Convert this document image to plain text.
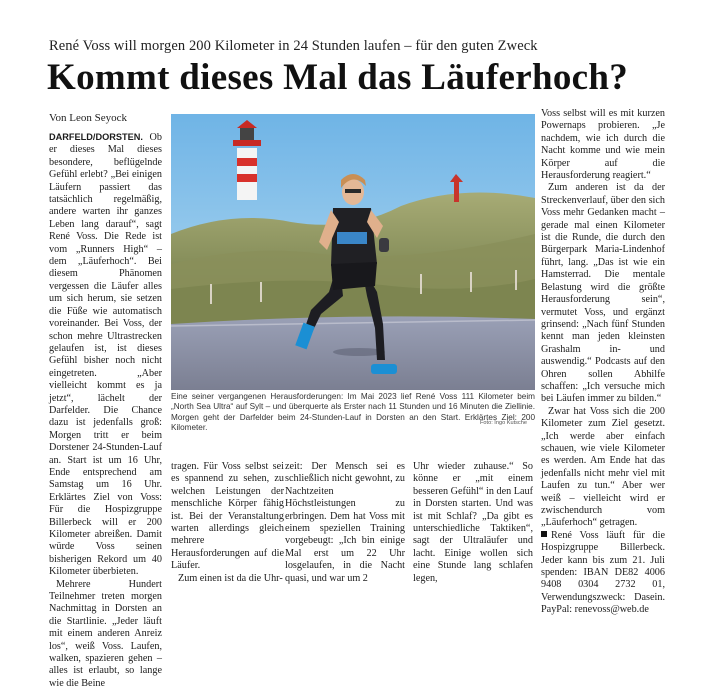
René Voss will morgen 200 Kilometer in 24 Stunden laufen – für den guten Zweck
Kommt dieses Mal das Läuferhoch?
Von Leon Seyock

DARFELD/DORSTEN. Ob er dieses Mal dieses besondere, beflügelnde Gefühl erlebt? „Bei einigen Läufern passiert das tatsächlich regelmäßig, andere warten ihr ganzes Leben lang darauf“, sagt René Voss. Die Rede ist vom „Runners High“ – dem „Läuferhoch“. Bei diesem Phänomen vergessen die Läufer alles um sich herum, sie setzen die Füße wie automatisch voreinander. Bei Voss, der schon mehre Ultrastrecken gelaufen ist, ist dieses Gefühl bisher noch nicht eingetreten. „Aber vielleicht kommt es ja jetzt“, lächelt der Darfelder. Die Chance dazu ist jedenfalls groß: Morgen tritt er beim Dorstener 24-Stunden-Lauf an. Start ist um 16 Uhr, Ende entsprechend am Samstag um 16 Uhr. Erklärtes Ziel von Voss: Für die Hospizgruppe Billerbeck will er 200 Kilometer abreißen. Damit würde Voss seinen bisherigen Rekord um 40 Kilometer überbieten.

Mehrere Hundert Teilnehmer treten morgen Nachmittag in Dorsten an die Startlinie. „Jeder läuft mit einem anderen Anreiz los“, weiß Voss. Laufen, walken, spazieren gehen – alles ist erlaubt, so lange wie die Beine

Eine seiner vergangenen Herausforderungen: Im Mai 2023 lief René Voss 111 Kilometer beim „North Sea Ultra“ auf Sylt – und überquerte als Erster nach 11 Stunden und 16 Minuten die Ziellinie. Morgen geht der Darfelder beim 24-Stunden-Lauf in Dorsten an den Start. Erklärtes Ziel: 200 Kilometer.	Foto: Ingo Kutsche

tragen. Für Voss selbst sei es spannend zu sehen, zu welchen Leistungen der menschliche Körper fähig ist. Bei der Veranstaltung warten allerdings gleich mehrere Herausforderungen auf die Läufer.

Zum einen ist da die Uhr-

zeit: Der Mensch sei es schließlich nicht gewohnt, zu Nachtzeiten Höchstleistungen zu erbringen. Dem hat Voss mit einem speziellen Training vorgebeugt: „Ich bin einige Mal erst um 22 Uhr losgelaufen, in die Nacht quasi, und war um 2

Uhr wieder zuhause.“ So könne er „mit einem besseren Gefühl“ in den Lauf in Dorsten starten. Und was ist mit Schlaf? „Da gibt es unterschiedliche Taktiken“, sagt der Ultraläufer und lacht. Einige wollen sich eine Stunde lang schlafen legen,

Voss selbst will es mit kurzen Powernaps probieren. „Je nachdem, wie ich durch die Nacht komme und wie mein Körper auf die Herausforderung reagiert.“

Zum anderen ist da der Streckenverlauf, über den sich Voss mehr Gedanken macht – gerade mal einen Kilometer ist die Runde, die durch den Bürgerpark Maria-Lindenhof führt, lang. „Das ist wie ein Hamsterrad. Die mentale Belastung wird die größte Herausforderung sein“, vermutet Voss, und ergänzt grinsend: „Nach fünf Stunden kennt man jeden kleinsten Grashalm in- und auswendig.“ Podcasts auf den Ohren sollen Abhilfe schaffen: „Ich versuche mich bei Läufen immer zu bilden.“

Zwar hat Voss sich die 200 Kilometer zum Ziel gesetzt. „Ich werde aber einfach schauen, wie viele Kilometer es werden. Am Ende hat das jedenfalls nicht mehr viel mit Laufen zu tun.“ Aber wer weiß – vielleicht wird er zwischendurch vom „Läuferhoch“ getragen.

René Voss läuft für die Hospizgruppe Billerbeck. Jeder kann bis zum 21. Juli spenden: IBAN DE82 4006 9408 0304 2732 01, Verwendungszweck: Dasein. PayPal: renevoss@web.de
